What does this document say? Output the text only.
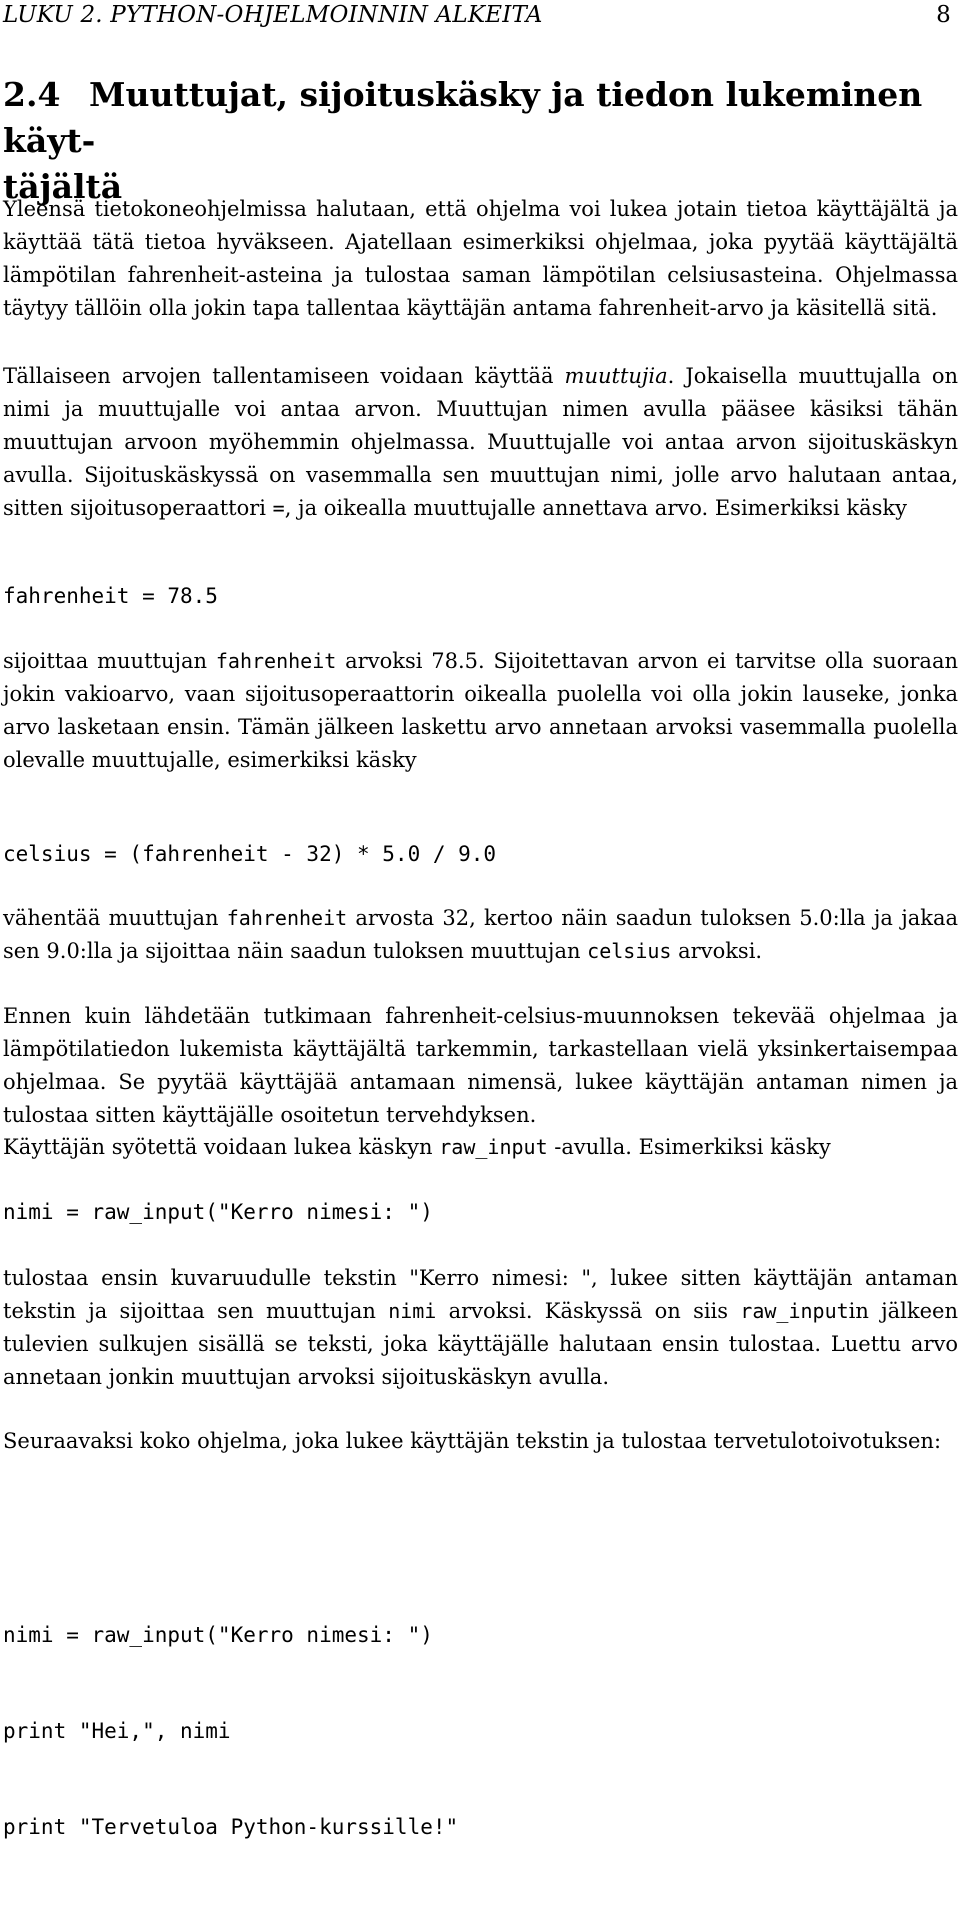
LUKU 2. PYTHON-OHJELMOINNIN ALKEITA	8
2.4 Muuttujat, sijoituskäsky ja tiedon lukeminen käyt-
täjältä

Yleensä tietokoneohjelmissa halutaan, että ohjelma voi lukea jotain tietoa käyttäjältä ja käyttää tätä tietoa hyväkseen. Ajatellaan esimerkiksi ohjelmaa, joka pyytää käyttäjältä lämpötilan fahrenheit-asteina ja tulostaa saman lämpötilan celsiusasteina. Ohjelmassa täytyy tällöin olla jokin tapa tallentaa käyttäjän antama fahrenheit-arvo ja käsitellä sitä.

Tällaiseen arvojen tallentamiseen voidaan käyttää muuttujia. Jokaisella muuttujalla on nimi ja muuttujalle voi antaa arvon. Muuttujan nimen avulla pääsee käsiksi tähän muuttujan arvoon myöhemmin ohjelmassa. Muuttujalle voi antaa arvon sijoituskäskyn avulla. Sijoituskäskyssä on vasemmalla sen muuttujan nimi, jolle arvo halutaan antaa, sitten sijoitusoperaattori =, ja oikealla muuttujalle annettava arvo. Esimerkiksi käsky

fahrenheit = 78.5

sijoittaa muuttujan fahrenheit arvoksi 78.5. Sijoitettavan arvon ei tarvitse olla suoraan jokin vakioarvo, vaan sijoitusoperaattorin oikealla puolella voi olla jokin lauseke, jonka arvo lasketaan ensin. Tämän jälkeen laskettu arvo annetaan arvoksi vasemmalla puolella olevalle muuttujalle, esimerkiksi käsky

celsius = (fahrenheit - 32) * 5.0 / 9.0

vähentää muuttujan fahrenheit arvosta 32, kertoo näin saadun tuloksen 5.0:lla ja jakaa sen 9.0:lla ja sijoittaa näin saadun tuloksen muuttujan celsius arvoksi.

Ennen kuin lähdetään tutkimaan fahrenheit-celsius-muunnoksen tekevää ohjelmaa ja lämpötilatiedon lukemista käyttäjältä tarkemmin, tarkastellaan vielä yksinkertaisempaa ohjelmaa. Se pyytää käyttäjää antamaan nimensä, lukee käyttäjän antaman nimen ja tulostaa sitten käyttäjälle osoitetun tervehdyksen.

Käyttäjän syötettä voidaan lukea käskyn raw_input -avulla. Esimerkiksi käsky

nimi = raw_input("Kerro nimesi: ")

tulostaa ensin kuvaruudulle tekstin "Kerro nimesi: ", lukee sitten käyttäjän antaman tekstin ja sijoittaa sen muuttujan nimi arvoksi. Käskyssä on siis raw_inputin jälkeen tulevien sulkujen sisällä se teksti, joka käyttäjälle halutaan ensin tulostaa. Luettu arvo annetaan jonkin muuttujan arvoksi sijoituskäskyn avulla.

Seuraavaksi koko ohjelma, joka lukee käyttäjän tekstin ja tulostaa tervetulotoivotuksen:

nimi = raw_input("Kerro nimesi: ")

print "Hei,", nimi

print "Tervetuloa Python-kurssille!"
